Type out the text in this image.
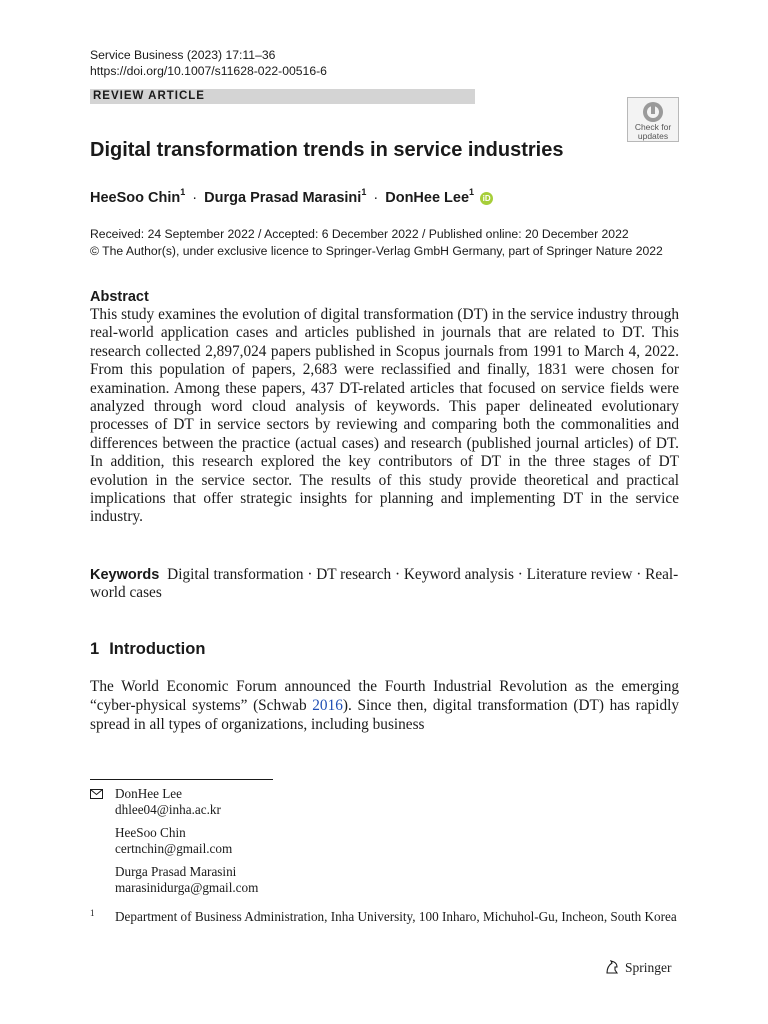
Service Business (2023) 17:11–36
https://doi.org/10.1007/s11628-022-00516-6
REVIEW ARTICLE
Check for
updates
Digital transformation trends in service industries
HeeSoo Chin$^1$ · Durga Prasad Marasini$^1$ · DonHee Lee$^1$ iD
Received: 24 September 2022 / Accepted: 6 December 2022 / Published online: 20 December 2022
© The Author(s), under exclusive licence to Springer-Verlag GmbH Germany, part of Springer Nature 2022
Abstract
This study examines the evolution of digital transformation (DT) in the service industry through real-world application cases and articles published in journals that are related to DT. This research collected 2,897,024 papers published in Scopus journals from 1991 to March 4, 2022. From this population of papers, 2,683 were reclassified and finally, 1831 were chosen for examination. Among these papers, 437 DT-related articles that focused on service fields were analyzed through word cloud analysis of keywords. This paper delineated evolutionary processes of DT in service sectors by reviewing and comparing both the commonalities and differences between the practice (actual cases) and research (published journal articles) of DT. In addition, this research explored the key contributors of DT in the three stages of DT evolution in the service sector. The results of this study provide theoretical and practical implications that offer strategic insights for planning and implementing DT in the service industry.
Keywords Digital transformation · DT research · Keyword analysis · Literature review · Real-world cases
1 Introduction
The World Economic Forum announced the Fourth Industrial Revolution as the emerging “cyber-physical systems” (Schwab 2016). Since then, digital transformation (DT) has rapidly spread in all types of organizations, including business
DonHee Lee
dhlee04@inha.ac.kr
HeeSoo Chin
certnchin@gmail.com
Durga Prasad Marasini
marasinidurga@gmail.com
1 Department of Business Administration, Inha University, 100 Inharo, Michuhol-Gu, Incheon, South Korea
Springer
